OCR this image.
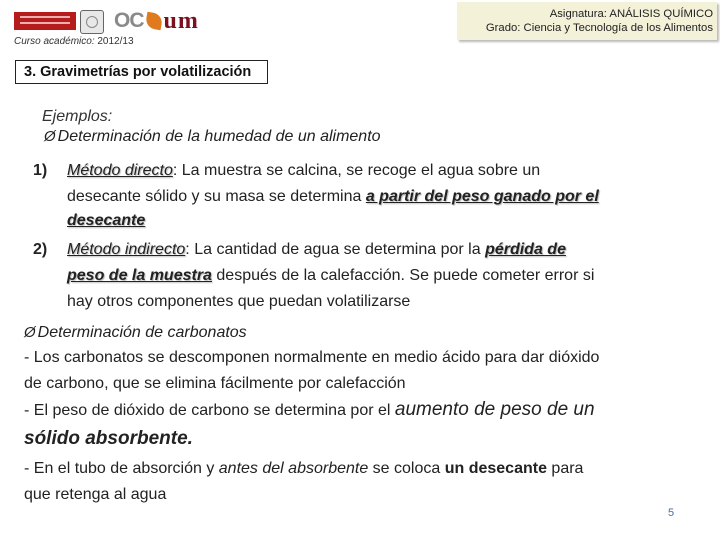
OC um
Curso académico: 2012/13
Asignatura: ANÁLISIS QUÍMICO
Grado: Ciencia y Tecnología de los Alimentos
3. Gravimetrías por volatilización
Ejemplos:
Ø Determinación de la humedad de un alimento
1) Método directo: La muestra se calcina, se recoge el agua sobre un
desecante sólido y su masa se determina a partir del peso ganado por el
desecante
2) Método indirecto: La cantidad de agua se determina por la pérdida de
peso de la muestra después de la calefacción. Se puede cometer error si
hay otros componentes que puedan volatilizarse
Ø Determinación de carbonatos
- Los carbonatos se descomponen normalmente en medio ácido para dar dióxido
de carbono, que se elimina fácilmente por calefacción
- El peso de dióxido de carbono se determina por el aumento de peso de un
sólido absorbente.
- En el tubo de absorción y antes del absorbente se coloca un desecante para
que retenga al agua
5
